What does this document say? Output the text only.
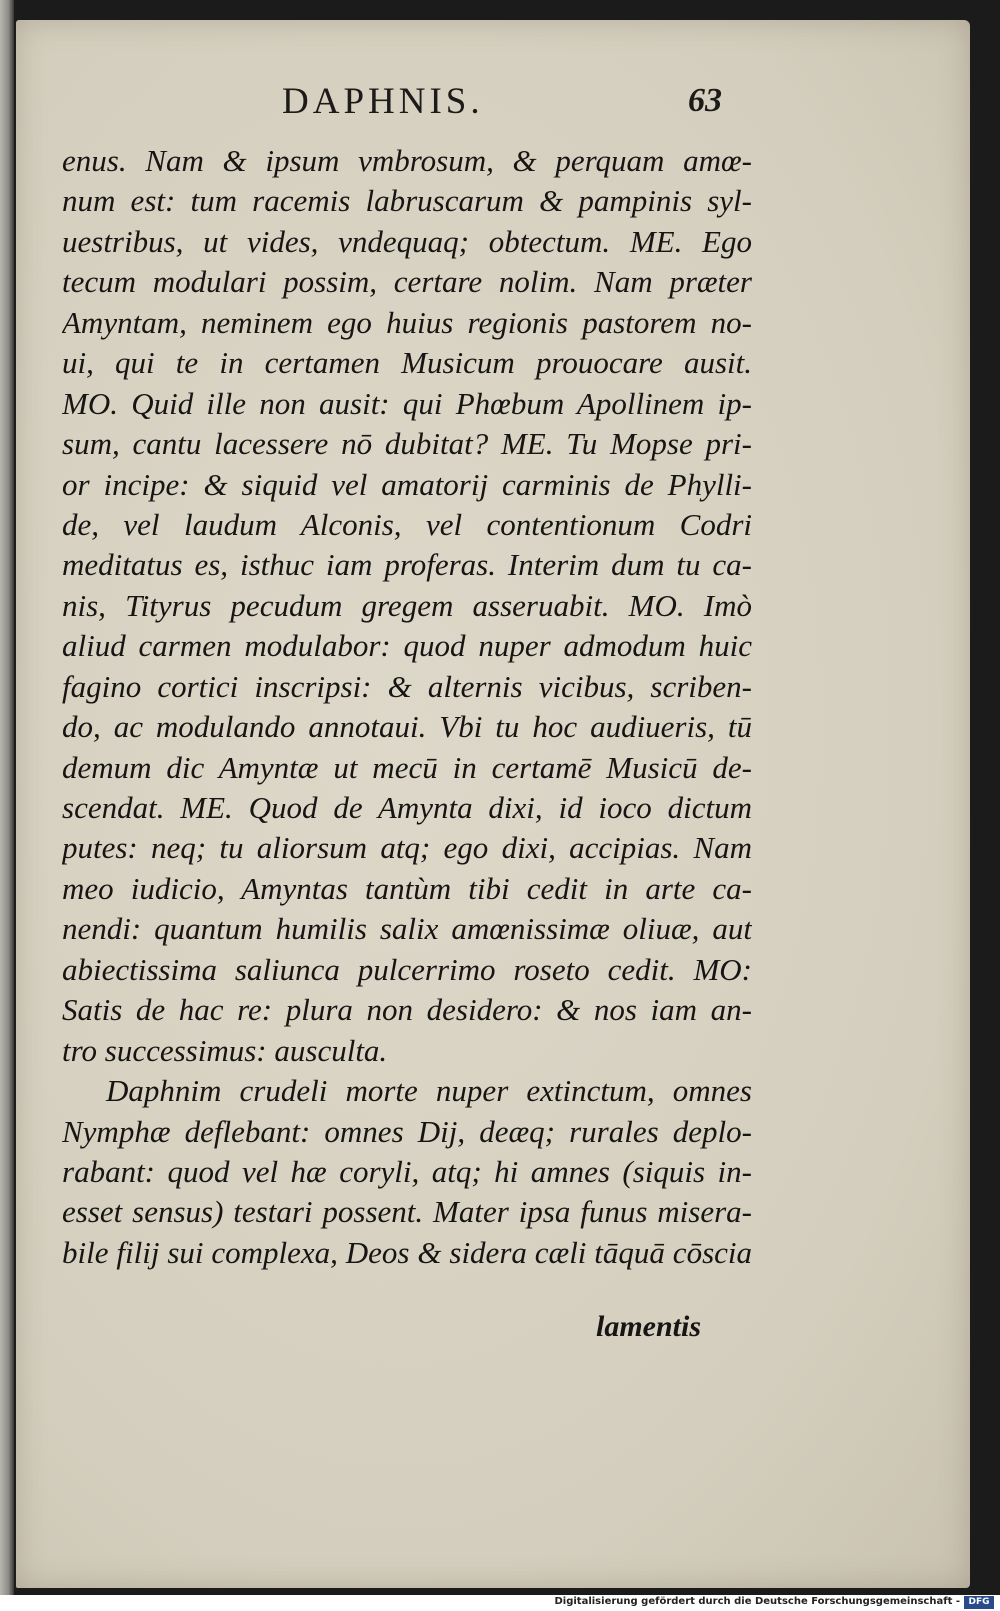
DAPHNIS.	63
enus. Nam & ipsum vmbrosum, & perquam amœ-
num est: tum racemis labruscarum & pampinis syl-
uestribus, ut vides, vndequaq; obtectum. ME. Ego
tecum modulari possim, certare nolim. Nam præter
Amyntam, neminem ego huius regionis pastorem no-
ui, qui te in certamen Musicum prouocare ausit.
MO. Quid ille non ausit: qui Phœbum Apollinem ip-
sum, cantu lacessere nō dubitat? ME. Tu Mopse pri-
or incipe: & siquid vel amatorij carminis de Phylli-
de, vel laudum Alconis, vel contentionum Codri
meditatus es, isthuc iam proferas. Interim dum tu ca-
nis, Tityrus pecudum gregem asseruabit. MO. Imò
aliud carmen modulabor: quod nuper admodum huic
fagino cortici inscripsi: & alternis vicibus, scriben-
do, ac modulando annotaui. Vbi tu hoc audiueris, tū
demum dic Amyntæ ut mecū in certamē Musicū de-
scendat. ME. Quod de Amynta dixi, id ioco dictum
putes: neq; tu aliorsum atq; ego dixi, accipias. Nam
meo iudicio, Amyntas tantùm tibi cedit in arte ca-
nendi: quantum humilis salix amœnissimæ oliuæ, aut
abiectissima saliunca pulcerrimo roseto cedit. MO:
Satis de hac re: plura non desidero: & nos iam an-
tro successimus: ausculta.
Daphnim crudeli morte nuper extinctum, omnes
Nymphæ deflebant: omnes Dij, deæq; rurales deplo-
rabant: quod vel hæ coryli, atq; hi amnes (siquis in-
esset sensus) testari possent. Mater ipsa funus misera-
bile filij sui complexa, Deos & sidera cæli tāquā cōscia
lamentis
Digitalisierung gefördert durch die Deutsche Forschungsgemeinschaft - DFG
